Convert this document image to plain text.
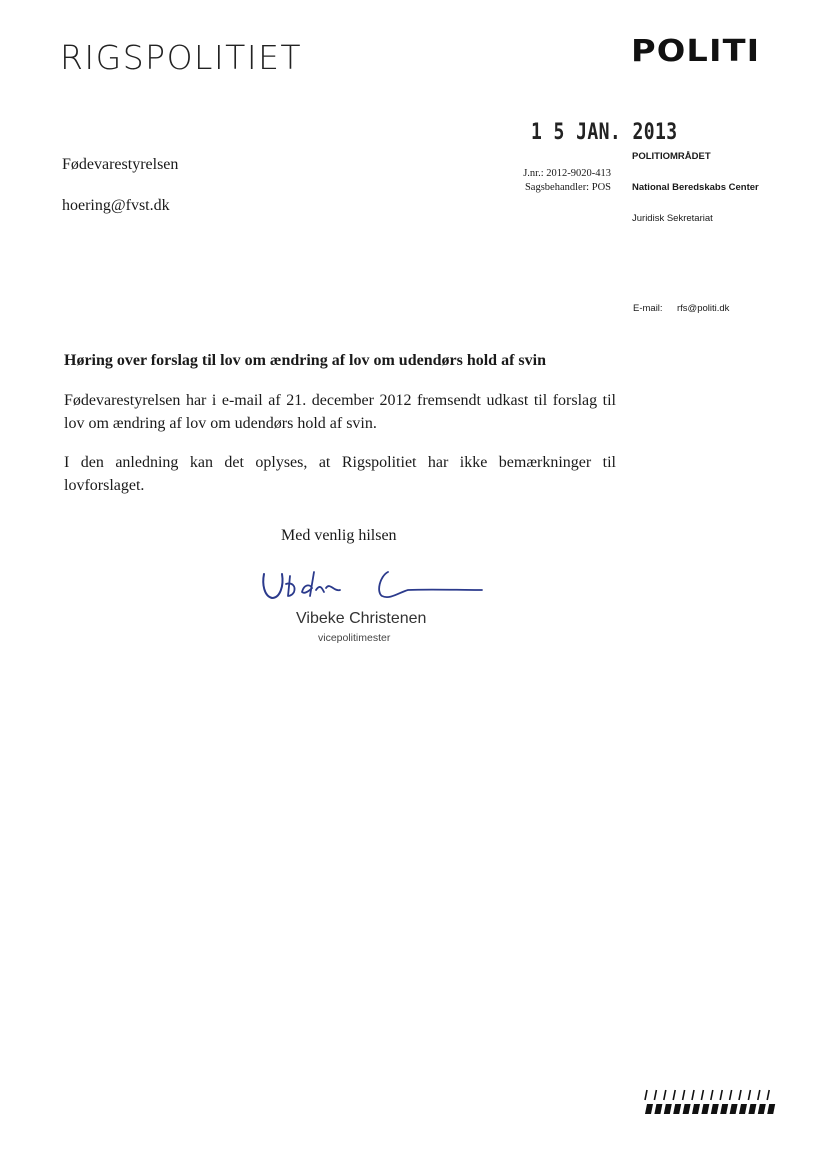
RIGSPOLITIET	POLITI
1 5 JAN. 2013
Fødevarestyrelsen
hoering@fvst.dk
J.nr.: 2012-9020-413
Sagsbehandler: POS
POLITIOMRÅDET
National Beredskabs Center
Juridisk Sekretariat
E-mail: rfs@politi.dk
Høring over forslag til lov om ændring af lov om udendørs hold af svin
Fødevarestyrelsen har i e-mail af 21. december 2012 fremsendt udkast til forslag til lov om ændring af lov om udendørs hold af svin.
I den anledning kan det oplyses, at Rigspolitiet har ikke bemærkninger til lovforslaget.
Med venlig hilsen
Vibeke Christenen
vicepolitimester
